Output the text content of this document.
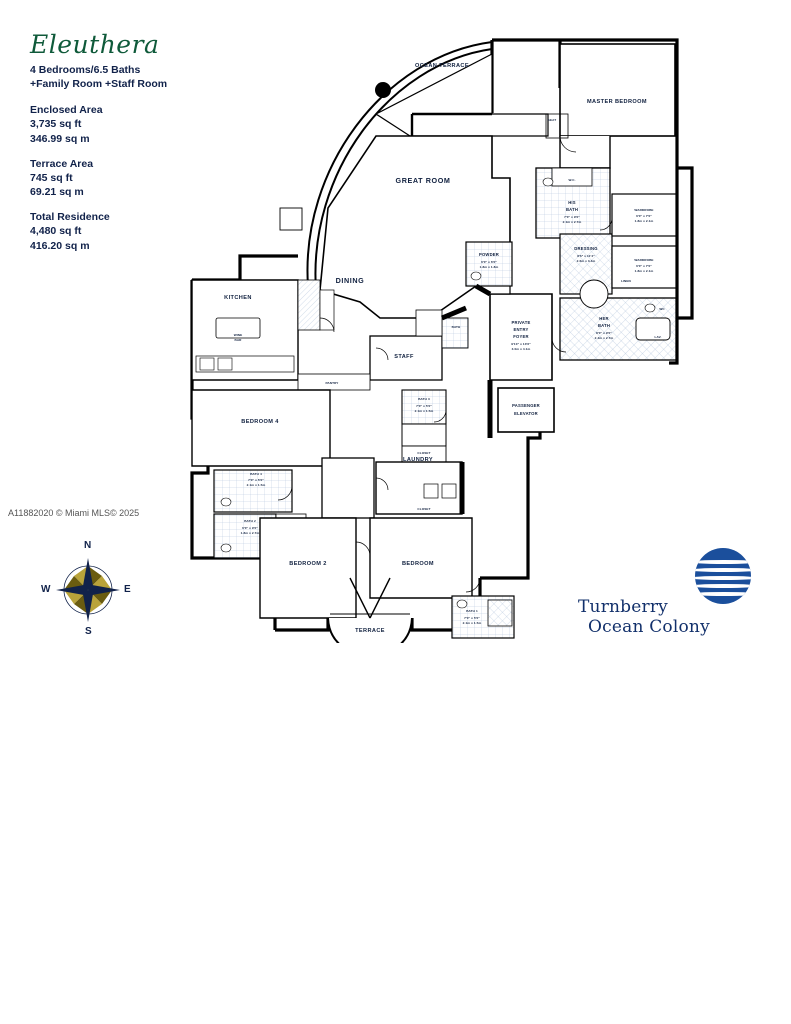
Eleuthera
4 Bedrooms/6.5 Baths
+Family Room +Staff Room
Enclosed Area
3,735 sq ft
346.99 sq m
Terrace Area
745 sq ft
69.21 sq m
Total Residence
4,480 sq ft
416.20 sq m
A11882020 © Miami MLS© 2025
N
E
S
W
Turnberry
Ocean Colony
OCEAN TERRACE
MASTER BEDROOM
GREAT ROOM
DINING
KITCHEN
STAFF
BEDROOM 4
LAUNDRY
BEDROOM 2	BEDROOM
TERRACE
PRIVATE
ENTRY
FOYER
9'10" x 13'6"
3.0m x 4.1m
PASSENGER
ELEVATOR
HER
BATH
8'0" x 9'0"
2.4m x 2.7m
DRESSING
8'6" x 11'4"
2.6m x 3.4m
WARDROBE
6'0" x 7'0"
1.8m x 2.1m
WARDROBE
6'0" x 7'0"
1.8m x 2.1m
HIS
BATH
7'0" x 9'0"
2.1m x 2.7m
POWDER
6'0" x 6'0"
1.8m x 1.8m
BATH 3
7'0" x 5'0"
2.1m x 1.5m
BATH 4
7'0" x 5'0"
2.1m x 1.5m
BATH 2
6'0" x 9'0"
1.8m x 2.7m
BATH 1
7'0" x 5'0"
2.1m x 1.5m
WINE
BAR
CLOSET
CLOSET
W.C.
LINEN
SEAT
LAV.
WC
BATH
PANTRY
